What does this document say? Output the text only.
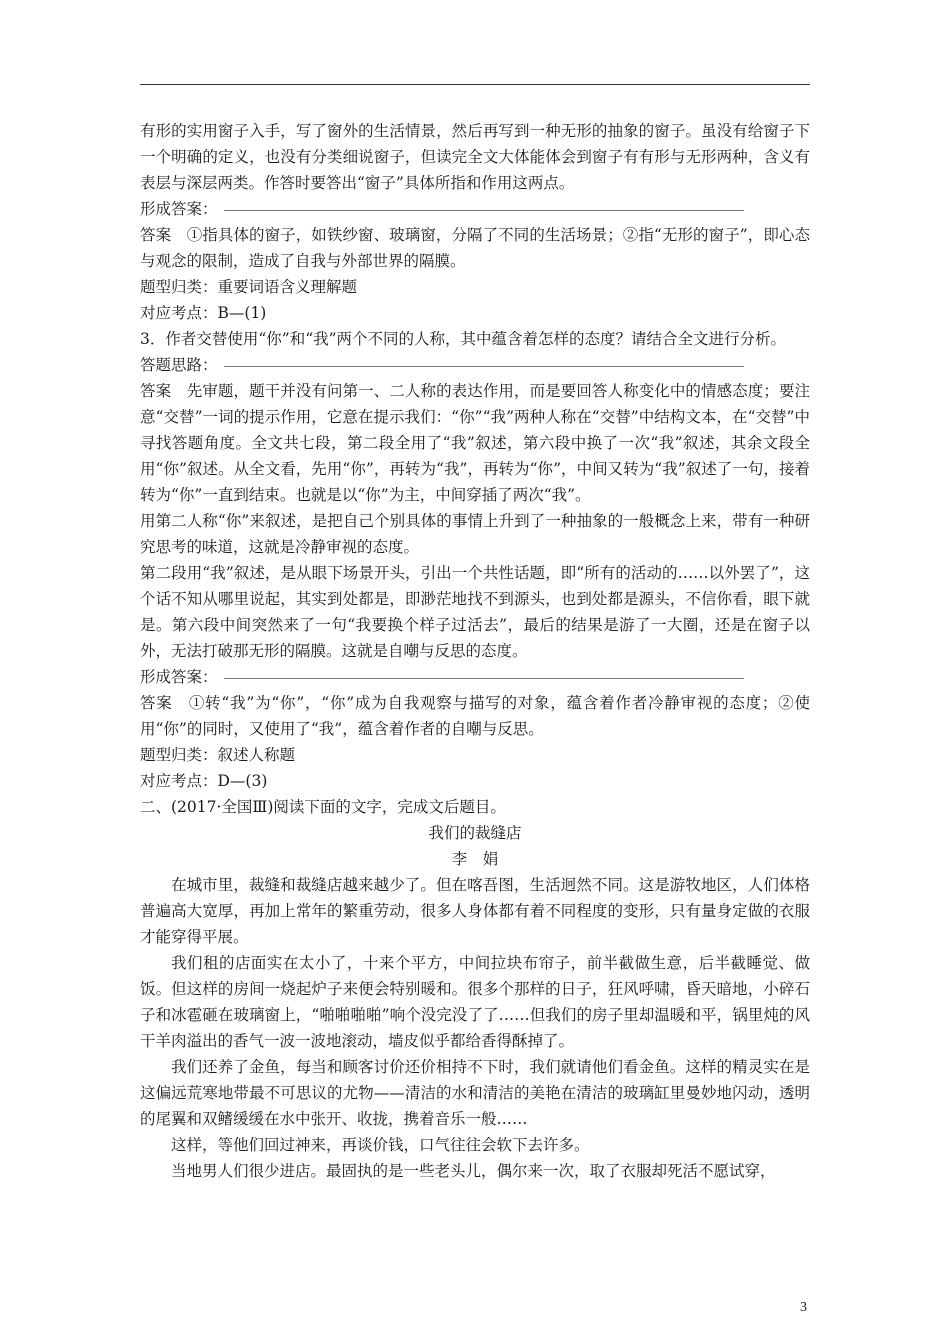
有形的实用窗子入手，写了窗外的生活情景，然后再写到一种无形的抽象的窗子。虽没有给窗子下一个明确的定义，也没有分类细说窗子，但读完全文大体能体会到窗子有有形与无形两种，含义有表层与深层两类。作答时要答出“窗子”具体所指和作用这两点。

形成答案：

答案　①指具体的窗子，如铁纱窗、玻璃窗，分隔了不同的生活场景；②指“无形的窗子”，即心态与观念的限制，造成了自我与外部世界的隔膜。

题型归类：重要词语含义理解题

对应考点：B—(1)

3．作者交替使用“你”和“我”两个不同的人称，其中蕴含着怎样的态度？请结合全文进行分析。

答题思路：

答案　先审题，题干并没有问第一、二人称的表达作用，而是要回答人称变化中的情感态度；要注意“交替”一词的提示作用，它意在提示我们：“你”“我”两种人称在“交替”中结构文本，在“交替”中寻找答题角度。全文共七段，第二段全用了“我”叙述，第六段中换了一次“我”叙述，其余文段全用“你”叙述。从全文看，先用“你”，再转为“我”，再转为“你”，中间又转为“我”叙述了一句，接着转为“你”一直到结束。也就是以“你”为主，中间穿插了两次“我”。

用第二人称“你”来叙述，是把自己个别具体的事情上升到了一种抽象的一般概念上来，带有一种研究思考的味道，这就是冷静审视的态度。

第二段用“我”叙述，是从眼下场景开头，引出一个共性话题，即“所有的活动的……以外罢了”，这个话不知从哪里说起，其实到处都是，即渺茫地找不到源头，也到处都是源头，不信你看，眼下就是。第六段中间突然来了一句“我要换个样子过活去”，最后的结果是游了一大圈，还是在窗子以外，无法打破那无形的隔膜。这就是自嘲与反思的态度。

形成答案：

答案　①转“我”为“你”，“你”成为自我观察与描写的对象，蕴含着作者冷静审视的态度；②使用“你”的同时，又使用了“我”，蕴含着作者的自嘲与反思。

题型归类：叙述人称题

对应考点：D—(3)

二、(2017·全国Ⅲ)阅读下面的文字，完成文后题目。

我们的裁缝店

李　娟

在城市里，裁缝和裁缝店越来越少了。但在喀吾图，生活迥然不同。这是游牧地区，人们体格普遍高大宽厚，再加上常年的繁重劳动，很多人身体都有着不同程度的变形，只有量身定做的衣服才能穿得平展。

我们租的店面实在太小了，十来个平方，中间拉块布帘子，前半截做生意，后半截睡觉、做饭。但这样的房间一烧起炉子来便会特别暖和。很多个那样的日子，狂风呼啸，昏天暗地，小碎石子和冰雹砸在玻璃窗上，“啪啪啪啪”响个没完没了了……但我们的房子里却温暖和平，锅里炖的风干羊肉溢出的香气一波一波地滚动，墙皮似乎都给香得酥掉了。

我们还养了金鱼，每当和顾客讨价还价相持不下时，我们就请他们看金鱼。这样的精灵实在是这偏远荒寒地带最不可思议的尤物——清洁的水和清洁的美艳在清洁的玻璃缸里曼妙地闪动，透明的尾翼和双鳍缓缓在水中张开、收拢，携着音乐一般……

这样，等他们回过神来，再谈价钱，口气往往会软下去许多。

当地男人们很少进店。最固执的是一些老头儿，偶尔来一次，取了衣服却死活不愿试穿，

3
